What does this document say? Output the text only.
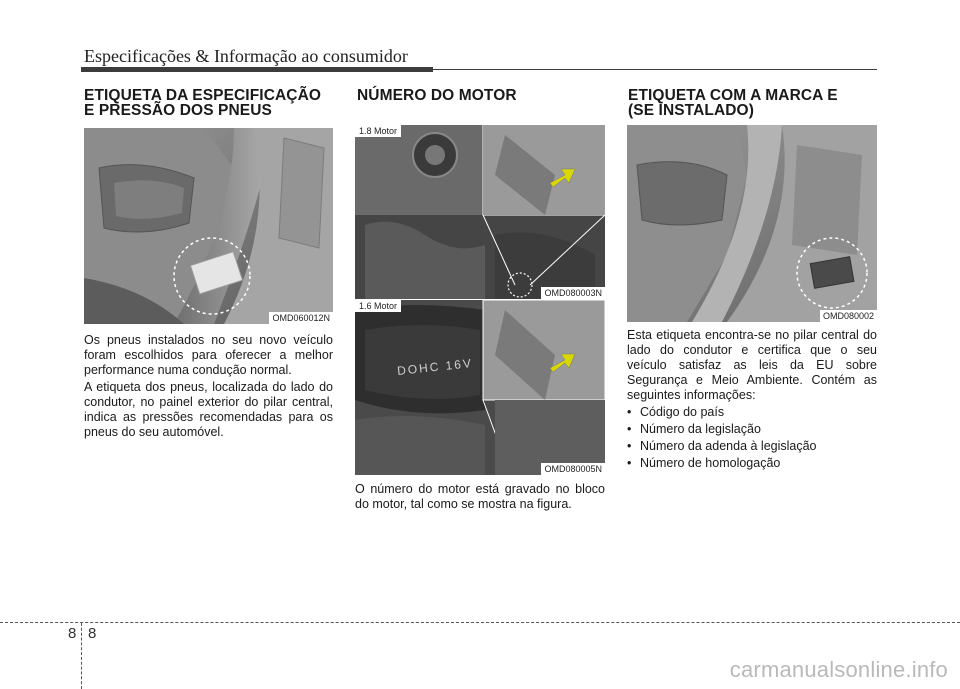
Especificações & Informação ao consumidor
ETIQUETA DA ESPECIFICAÇÃO
E PRESSÃO DOS PNEUS
OMD060012N

Os pneus instalados no seu novo veículo foram escolhidos para oferecer a melhor performance numa condução normal.

A etiqueta dos pneus, localizada do lado do condutor, no painel exterior do pilar central, indica as pressões recomendadas para os pneus do seu automóvel.

NÚMERO DO MOTOR
1.8 Motor
OMD080003N
DOHC 16V
1.6 Motor
OMD080005N

O número do motor está gravado no bloco do motor, tal como se mostra na figura.

ETIQUETA COM A MARCA E
(SE INSTALADO)
OMD080002

Esta etiqueta encontra-se no pilar central do lado do condutor e certifica que o seu veículo satisfaz as leis da EU sobre Segurança e Meio Ambiente. Contém as seguintes informações:

• Código do país
• Número da legislação
• Número da adenda à legislação
• Número de homologação
8 8
carmanualsonline.info
